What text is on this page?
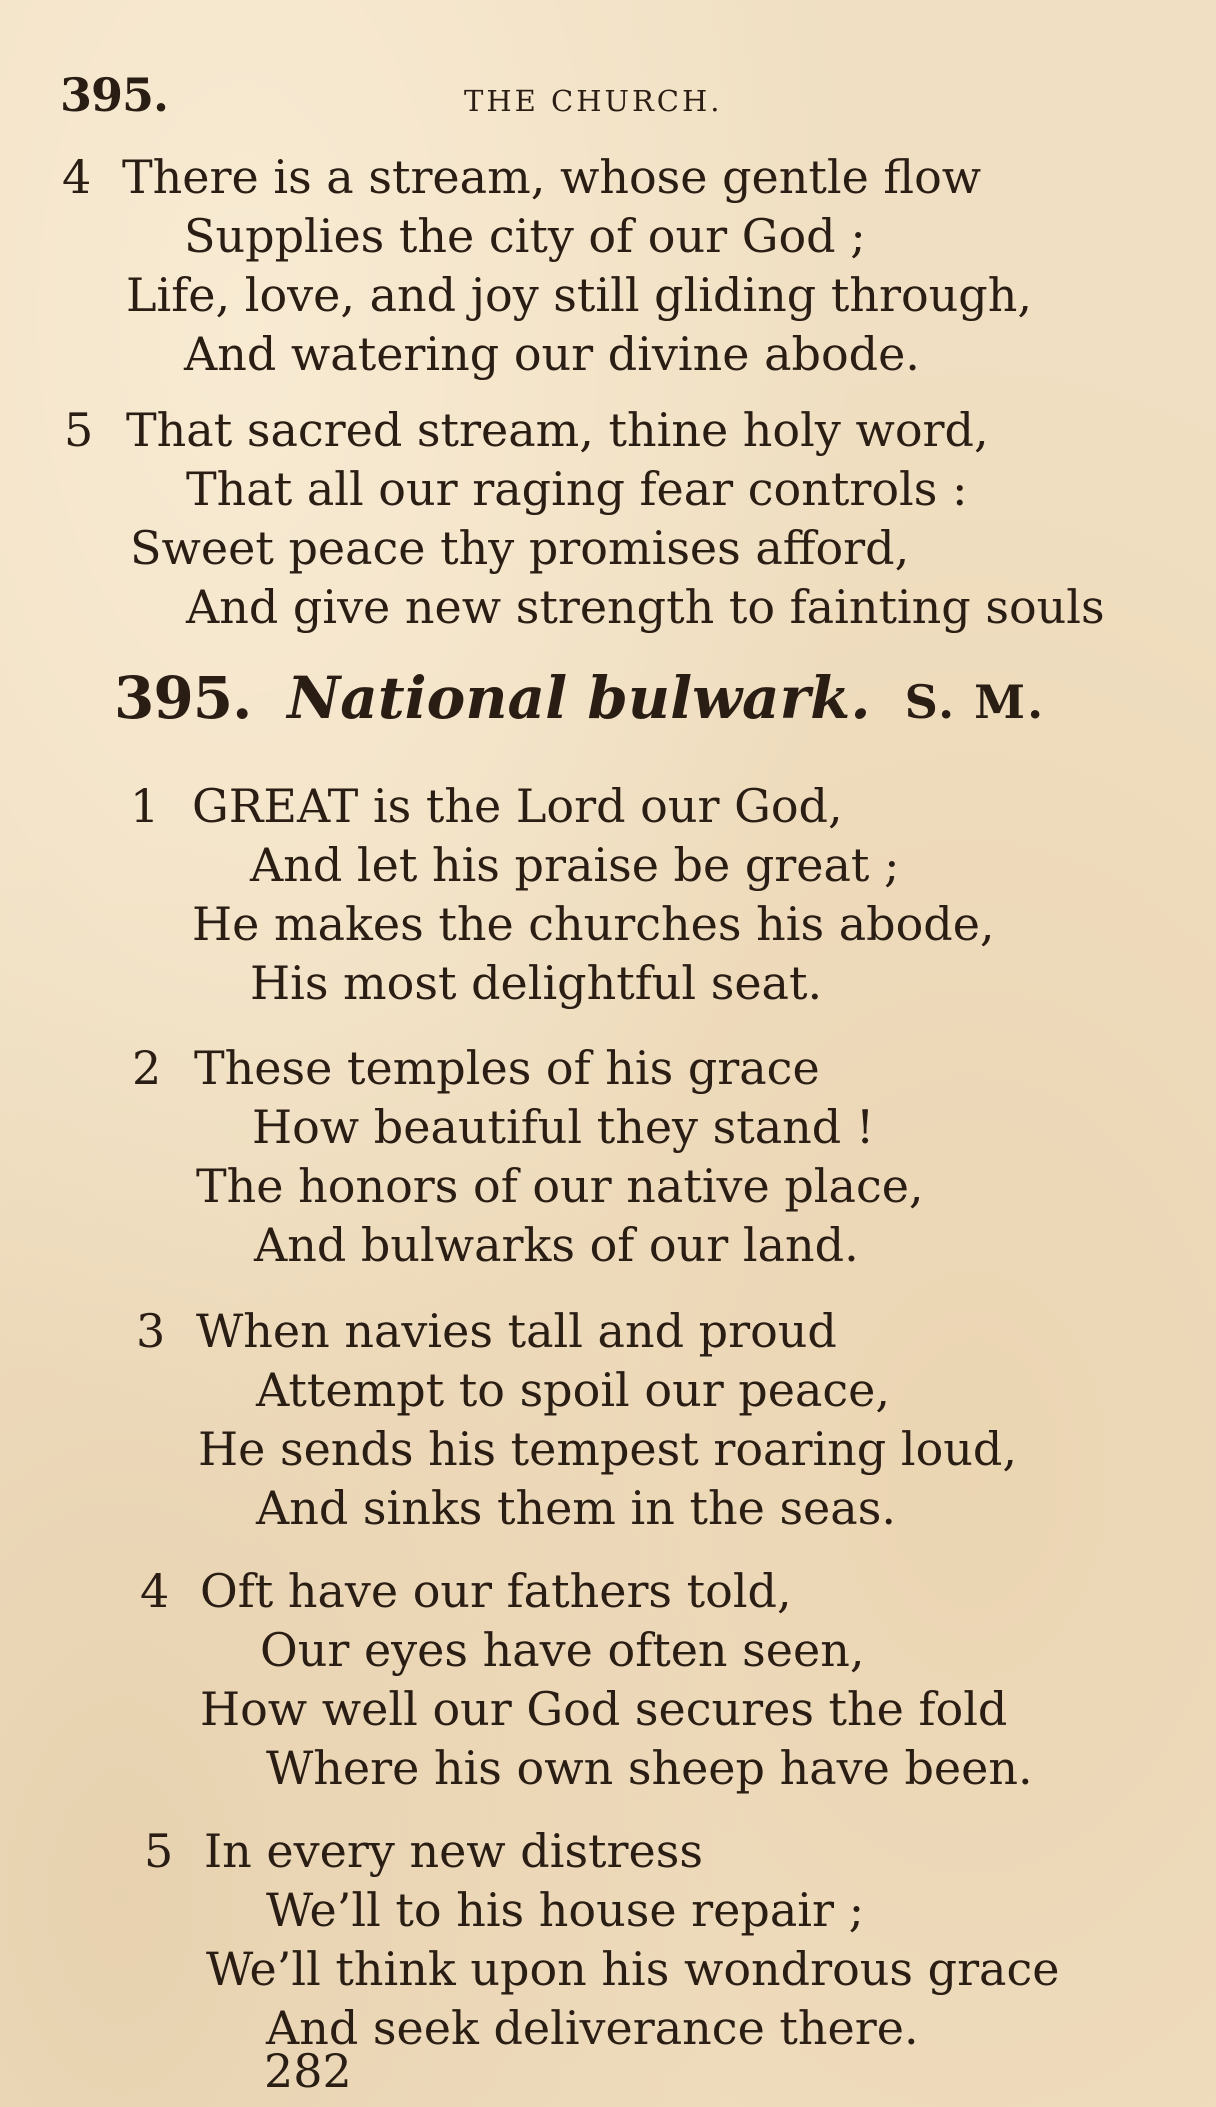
395.	THE CHURCH.
4 There is a stream, whose gentle flow
Supplies the city of our God ;
Life, love, and joy still gliding through,
And watering our divine abode.
5 That sacred stream, thine holy word,
That all our raging fear controls :
Sweet peace thy promises afford,
And give new strength to fainting souls
395. National bulwark. S. M.
1 GREAT is the Lord our God,
And let his praise be great ;
He makes the churches his abode,
His most delightful seat.
2 These temples of his grace
How beautiful they stand !
The honors of our native place,
And bulwarks of our land.
3 When navies tall and proud
Attempt to spoil our peace,
He sends his tempest roaring loud,
And sinks them in the seas.
4 Oft have our fathers told,
Our eyes have often seen,
How well our God secures the fold
Where his own sheep have been.
5 In every new distress
We’ll to his house repair ;
We’ll think upon his wondrous grace
And seek deliverance there.
282
